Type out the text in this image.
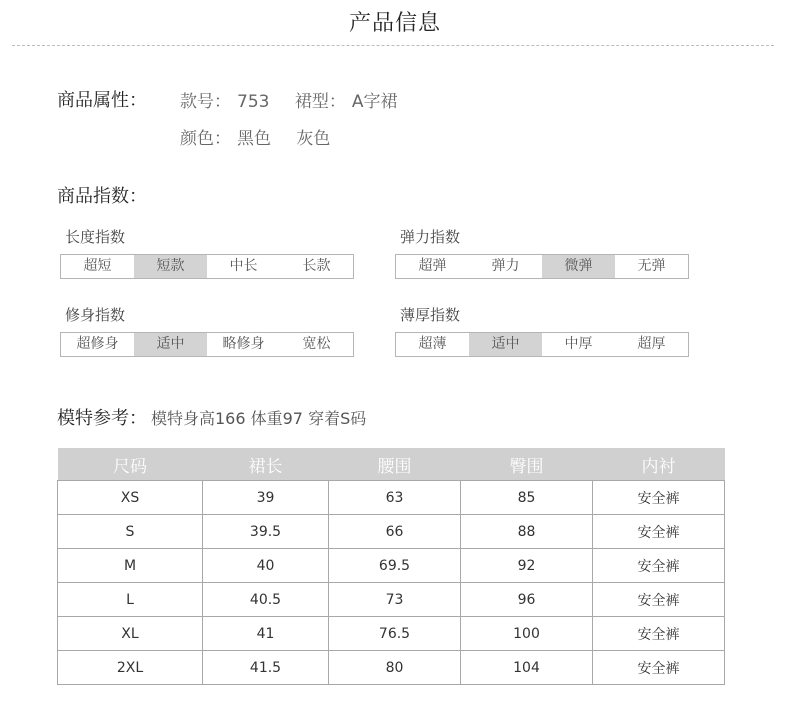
产品信息
商品属性： 款号： 753 裙型： A字裙
颜色： 黑色 灰色
商品指数：
长度指数
超短	短款	中长	长款
弹力指数
超弹	弹力	微弹	无弹
修身指数
超修身	适中	略修身	宽松
薄厚指数
超薄	适中	中厚	超厚
模特参考： 模特身高166 体重97 穿着S码
尺码	裙长	腰围	臀围	内衬
XS	39	63	85	安全裤
S	39.5	66	88	安全裤
M	40	69.5	92	安全裤
L	40.5	73	96	安全裤
XL	41	76.5	100	安全裤
2XL	41.5	80	104	安全裤
